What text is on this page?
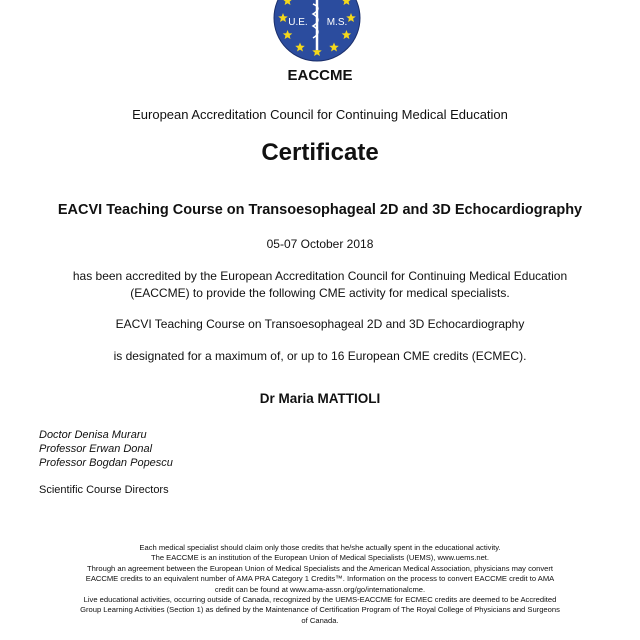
U.E. M.S.
EACCME
European Accreditation Council for Continuing Medical Education
Certificate
EACVI Teaching Course on Transoesophageal 2D and 3D Echocardiography
05-07 October 2018
has been accredited by the European Accreditation Council for Continuing Medical Education
(EACCME) to provide the following CME activity for medical specialists.
EACVI Teaching Course on Transoesophageal 2D and 3D Echocardiography
is designated for a maximum of, or up to 16 European CME credits (ECMEC).
Dr Maria MATTIOLI
Doctor Denisa Muraru
Professor Erwan Donal
Professor Bogdan Popescu
Scientific Course Directors
Each medical specialist should claim only those credits that he/she actually spent in the educational activity.
The EACCME is an institution of the European Union of Medical Specialists (UEMS), www.uems.net.
Through an agreement between the European Union of Medical Specialists and the American Medical Association, physicians may convert
EACCME credits to an equivalent number of AMA PRA Category 1 Credits™. Information on the process to convert EACCME credit to AMA
credit can be found at www.ama-assn.org/go/internationalcme.
Live educational activities, occurring outside of Canada, recognized by the UEMS-EACCME for ECMEC credits are deemed to be Accredited
Group Learning Activities (Section 1) as defined by the Maintenance of Certification Program of The Royal College of Physicians and Surgeons
of Canada.
